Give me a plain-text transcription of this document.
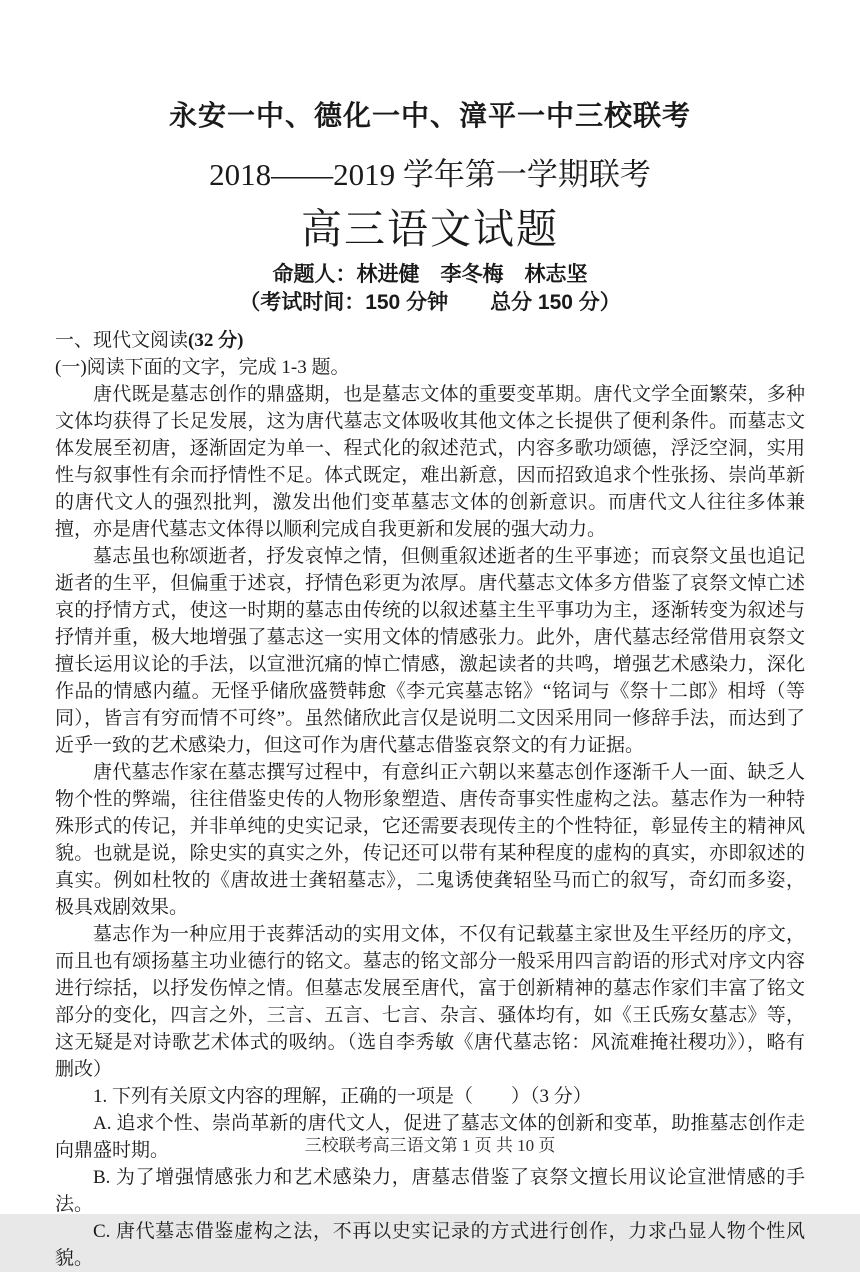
永安一中、德化一中、漳平一中三校联考
2018——2019 学年第一学期联考
高三语文试题
命题人：林进健　李冬梅　林志坚
（考试时间：150 分钟　　总分 150 分）

一、现代文阅读(32 分)

(一)阅读下面的文字，完成 1-3 题。

唐代既是墓志创作的鼎盛期，也是墓志文体的重要变革期。唐代文学全面繁荣，多种文体均获得了长足发展，这为唐代墓志文体吸收其他文体之长提供了便利条件。而墓志文体发展至初唐，逐渐固定为单一、程式化的叙述范式，内容多歌功颂德，浮泛空洞，实用性与叙事性有余而抒情性不足。体式既定，难出新意，因而招致追求个性张扬、崇尚革新的唐代文人的强烈批判，激发出他们变革墓志文体的创新意识。而唐代文人往往多体兼擅，亦是唐代墓志文体得以顺利完成自我更新和发展的强大动力。

墓志虽也称颂逝者，抒发哀悼之情，但侧重叙述逝者的生平事迹；而哀祭文虽也追记逝者的生平，但偏重于述哀，抒情色彩更为浓厚。唐代墓志文体多方借鉴了哀祭文悼亡述哀的抒情方式，使这一时期的墓志由传统的以叙述墓主生平事功为主，逐渐转变为叙述与抒情并重，极大地增强了墓志这一实用文体的情感张力。此外，唐代墓志经常借用哀祭文擅长运用议论的手法，以宣泄沉痛的悼亡情感，激起读者的共鸣，增强艺术感染力，深化作品的情感内蕴。无怪乎储欣盛赞韩愈《李元宾墓志铭》“铭词与《祭十二郎》相埒（等同），皆言有穷而情不可终”。虽然储欣此言仅是说明二文因采用同一修辞手法，而达到了近乎一致的艺术感染力，但这可作为唐代墓志借鉴哀祭文的有力证据。

唐代墓志作家在墓志撰写过程中，有意纠正六朝以来墓志创作逐渐千人一面、缺乏人物个性的弊端，往往借鉴史传的人物形象塑造、唐传奇事实性虚构之法。墓志作为一种特殊形式的传记，并非单纯的史实记录，它还需要表现传主的个性特征，彰显传主的精神风貌。也就是说，除史实的真实之外，传记还可以带有某种程度的虚构的真实，亦即叙述的真实。例如杜牧的《唐故进士龚轺墓志》，二鬼诱使龚轺坠马而亡的叙写，奇幻而多姿，极具戏剧效果。

墓志作为一种应用于丧葬活动的实用文体，不仅有记载墓主家世及生平经历的序文，而且也有颂扬墓主功业德行的铭文。墓志的铭文部分一般采用四言韵语的形式对序文内容进行综括，以抒发伤悼之情。但墓志发展至唐代，富于创新精神的墓志作家们丰富了铭文部分的变化，四言之外，三言、五言、七言、杂言、骚体均有，如《王氏殇女墓志》等，这无疑是对诗歌艺术体式的吸纳。（选自李秀敏《唐代墓志铭：风流难掩社稷功》），略有删改）

1. 下列有关原文内容的理解，正确的一项是（　　）（3 分）

A. 追求个性、崇尚革新的唐代文人，促进了墓志文体的创新和变革，助推墓志创作走向鼎盛时期。

B. 为了增强情感张力和艺术感染力，唐墓志借鉴了哀祭文擅长用议论宣泄情感的手法。

C. 唐代墓志借鉴虚构之法，不再以史实记录的方式进行创作，力求凸显人物个性风貌。

三校联考高三语文第 1 页 共 10 页
